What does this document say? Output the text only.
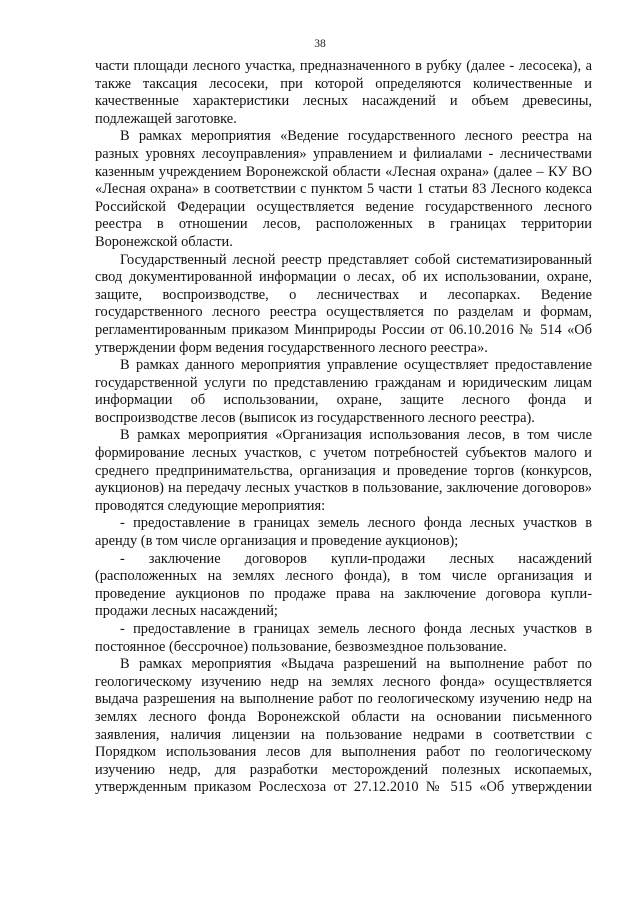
38

части площади лесного участка, предназначенного в рубку (далее - лесосека), а также таксация лесосеки, при которой определяются количественные и качественные характеристики лесных насаждений и объем древесины, подлежащей заготовке.

В рамках мероприятия «Ведение государственного лесного реестра на разных уровнях лесоуправления» управлением и филиалами - лесничествами казенным учреждением Воронежской области «Лесная охрана» (далее – КУ ВО «Лесная охрана» в соответствии с пунктом 5 части 1 статьи 83 Лесного кодекса Российской Федерации осуществляется ведение государственного лесного реестра в отношении лесов, расположенных в границах территории Воронежской области.

Государственный лесной реестр представляет собой систематизированный свод документированной информации о лесах, об их использовании, охране, защите, воспроизводстве, о лесничествах и лесопарках. Ведение государственного лесного реестра осуществляется по разделам и формам, регламентированным приказом Минприроды России от 06.10.2016 № 514 «Об утверждении форм ведения государственного лесного реестра».

В рамках данного мероприятия управление осуществляет предоставление государственной услуги по представлению гражданам и юридическим лицам информации об использовании, охране, защите лесного фонда и воспроизводстве лесов (выписок из государственного лесного реестра).

В рамках мероприятия «Организация использования лесов, в том числе формирование лесных участков, с учетом потребностей субъектов малого и среднего предпринимательства, организация и проведение торгов (конкурсов, аукционов) на передачу лесных участков в пользование, заключение договоров» проводятся следующие мероприятия:

- предоставление в границах земель лесного фонда лесных участков в аренду (в том числе организация и проведение аукционов);

- заключение договоров купли-продажи лесных насаждений (расположенных на землях лесного фонда), в том числе организация и проведение аукционов по продаже права на заключение договора купли-продажи лесных насаждений;

- предоставление в границах земель лесного фонда лесных участков в постоянное (бессрочное) пользование, безвозмездное пользование.

В рамках мероприятия «Выдача разрешений на выполнение работ по геологическому изучению недр на землях лесного фонда» осуществляется выдача разрешения на выполнение работ по геологическому изучению недр на землях лесного фонда Воронежской области на основании письменного заявления, наличия лицензии на пользование недрами в соответствии с Порядком использования лесов для выполнения работ по геологическому изучению недр, для разработки месторождений полезных ископаемых, утвержденным приказом Рослесхоза от 27.12.2010 № 515 «Об утверждении
